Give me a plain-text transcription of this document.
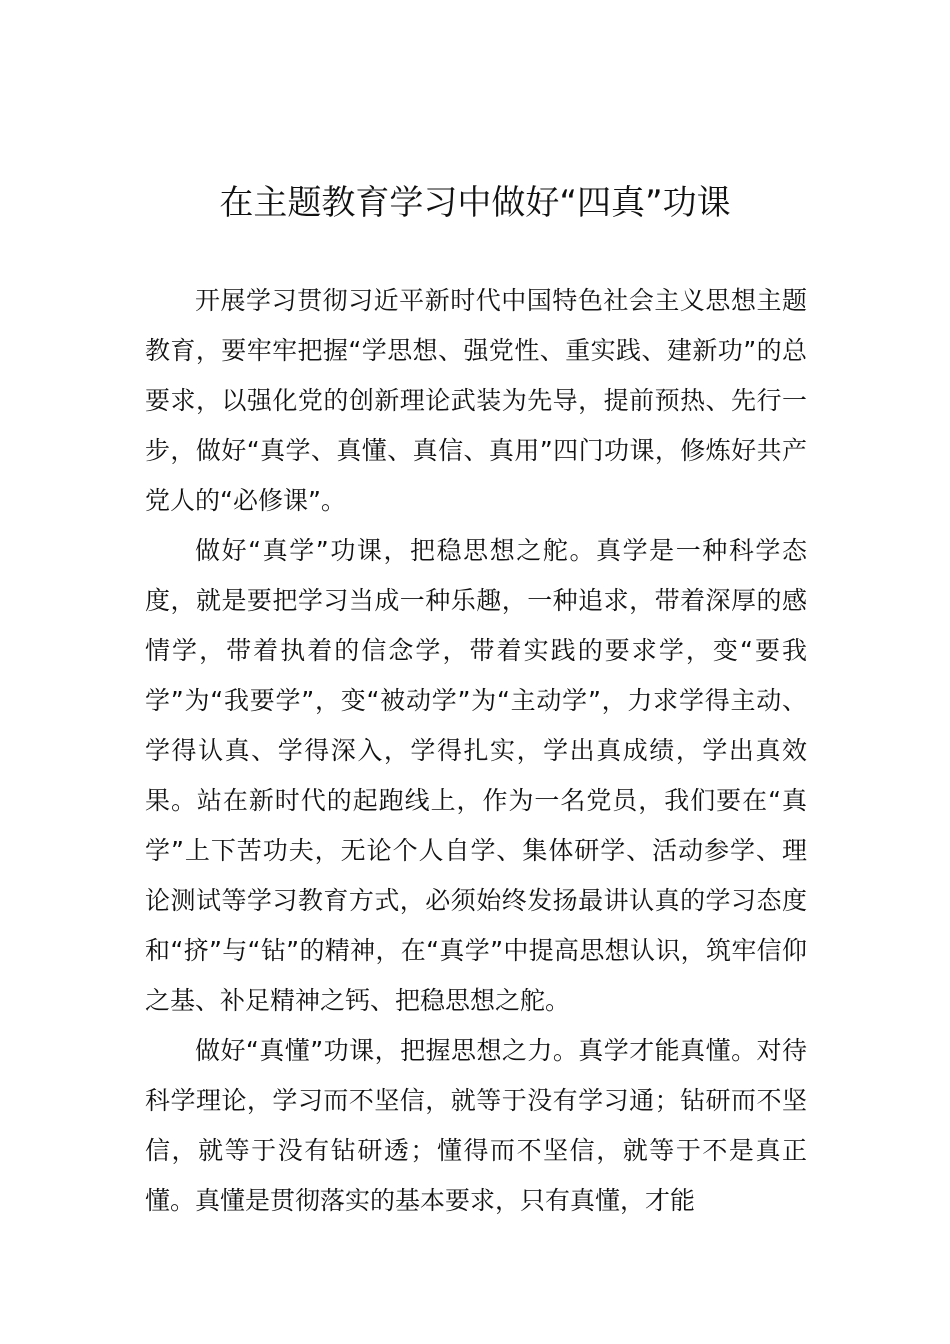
在主题教育学习中做好“四真”功课

开展学习贯彻习近平新时代中国特色社会主义思想主题教育，要牢牢把握“学思想、强党性、重实践、建新功”的总要求，以强化党的创新理论武装为先导，提前预热、先行一步，做好“真学、真懂、真信、真用”四门功课，修炼好共产党人的“必修课”。

做好“真学”功课，把稳思想之舵。真学是一种科学态度，就是要把学习当成一种乐趣，一种追求，带着深厚的感情学，带着执着的信念学，带着实践的要求学，变“要我学”为“我要学”，变“被动学”为“主动学”，力求学得主动、学得认真、学得深入，学得扎实，学出真成绩，学出真效果。站在新时代的起跑线上，作为一名党员，我们要在“真学”上下苦功夫，无论个人自学、集体研学、活动参学、理论测试等学习教育方式，必须始终发扬最讲认真的学习态度和“挤”与“钻”的精神，在“真学”中提高思想认识，筑牢信仰之基、补足精神之钙、把稳思想之舵。

做好“真懂”功课，把握思想之力。真学才能真懂。对待科学理论，学习而不坚信，就等于没有学习通；钻研而不坚信，就等于没有钻研透；懂得而不坚信，就等于不是真正懂。真懂是贯彻落实的基本要求，只有真懂，才能
